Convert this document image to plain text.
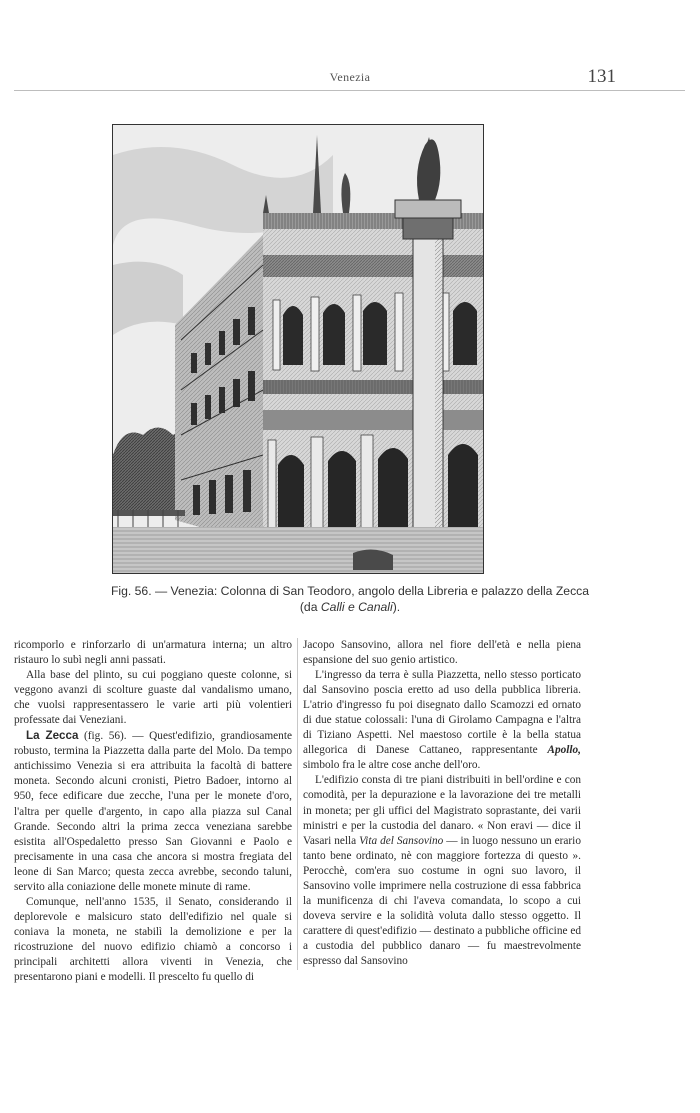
Venezia	131
Fig. 56. — Venezia: Colonna di San Teodoro, angolo della Libreria e palazzo della Zecca
(da Calli e Canali).

ricomporlo e rinforzarlo di un'armatura interna; un altro ristauro lo subì negli anni passati.

Alla base del plinto, su cui poggiano queste colonne, si veggono avanzi di scolture guaste dal vandalismo umano, che vuolsi rappresentassero le varie arti più volentieri professate dai Veneziani.

La Zecca (fig. 56). — Quest'edifizio, grandiosamente robusto, termina la Piazzetta dalla parte del Molo. Da tempo antichissimo Venezia si era attribuita la facoltà di battere moneta. Secondo alcuni cronisti, Pietro Badoer, intorno al 950, fece edificare due zecche, l'una per le monete d'oro, l'altra per quelle d'argento, in capo alla piazza sul Canal Grande. Secondo altri la prima zecca veneziana sarebbe esistita all'Ospedaletto presso San Giovanni e Paolo e precisamente in una casa che ancora si mostra fregiata del leone di San Marco; questa zecca avrebbe, secondo taluni, servito alla coniazione delle monete minute di rame.

Comunque, nell'anno 1535, il Senato, considerando il deplorevole e malsicuro stato dell'edifizio nel quale si coniava la moneta, ne stabilì la demolizione e per la ricostruzione del nuovo edifizio chiamò a concorso i principali architetti allora viventi in Venezia, che presentarono piani e modelli. Il prescelto fu quello di

Jacopo Sansovino, allora nel fiore dell'età e nella piena espansione del suo genio artistico.

L'ingresso da terra è sulla Piazzetta, nello stesso porticato dal Sansovino poscia eretto ad uso della pubblica libreria. L'atrio d'ingresso fu poi disegnato dallo Scamozzi ed ornato di due statue colossali: l'una di Girolamo Campagna e l'altra di Tiziano Aspetti. Nel maestoso cortile è la bella statua allegorica di Danese Cattaneo, rappresentante Apollo, simbolo fra le altre cose anche dell'oro.

L'edifizio consta di tre piani distribuiti in bell'ordine e con comodità, per la depurazione e la lavorazione dei tre metalli in moneta; per gli uffici del Magistrato soprastante, dei varii ministri e per la custodia del danaro. « Non eravi — dice il Vasari nella Vita del Sansovino — in luogo nessuno un erario tanto bene ordinato, nè con maggiore fortezza di questo ». Perocchè, com'era suo costume in ogni suo lavoro, il Sansovino volle imprimere nella costruzione di essa fabbrica la munificenza di chi l'aveva comandata, lo scopo a cui doveva servire e la solidità voluta dallo stesso oggetto. Il carattere di quest'edifizio — destinato a pubbliche officine ed a custodia del pubblico danaro — fu maestrevolmente espresso dal Sansovino
